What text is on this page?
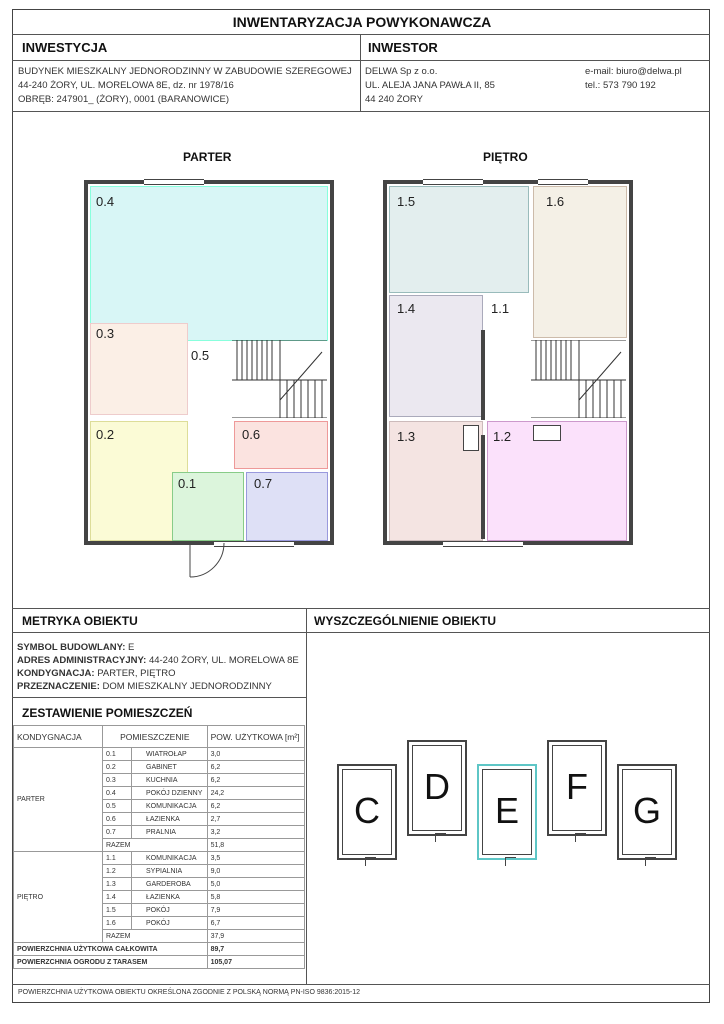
INWENTARYZACJA POWYKONAWCZA
INWESTYCJA	INWESTOR
BUDYNEK MIESZKALNY JEDNORODZINNY W ZABUDOWIE SZEREGOWEJ
44-240 ŻORY, UL. MORELOWA 8E, dz. nr 1978/16
OBRĘB: 247901_ (ŻORY), 0001 (BARANOWICE)
DELWA Sp z o.o.
UL. ALEJA JANA PAWŁA II, 85
44 240 ŻORY
e-mail: biuro@delwa.pl
tel.: 573 790 192
PARTER	PIĘTRO
0.4
0.3
0.5
0.2	0.6
0.1	0.7
1.5	1.6
1.4	1.1
1.3	1.2
METRYKA OBIEKTU	WYSZCZEGÓLNIENIE OBIEKTU
SYMBOL BUDOWLANY: E
ADRES ADMINISTRACYJNY: 44-240 ŻORY, UL. MORELOWA 8E
KONDYGNACJA: PARTER, PIĘTRO
PRZEZNACZENIE: DOM MIESZKALNY JEDNORODZINNY
ZESTAWIENIE POMIESZCZEŃ
KONDYGNACJA	POMIESZCZENIE		POW. UŻYTKOWA [m²]
PARTER	0.1	WIATROŁAP	3,0
	0.2	GABINET	6,2
	0.3	KUCHNIA	6,2
	0.4	POKÓJ DZIENNY	24,2
	0.5	KOMUNIKACJA	6,2
	0.6	ŁAZIENKA	2,7
	0.7	PRALNIA	3,2
	RAZEM		51,8
PIĘTRO	1.1	KOMUNIKACJA	3,5
	1.2	SYPIALNIA	9,0
	1.3	GARDEROBA	5,0
	1.4	ŁAZIENKA	5,8
	1.5	POKÓJ	7,9
	1.6	POKÓJ	6,7
	RAZEM		37,9
POWIERZCHNIA UŻYTKOWA CAŁKOWITA			89,7
POWIERZCHNIA OGRODU Z TARASEM			105,07
C
D
E
F
G
POWIERZCHNIA UŻYTKOWA OBIEKTU OKREŚLONA ZGODNIE Z POLSKĄ NORMĄ PN-ISO 9836:2015-12
